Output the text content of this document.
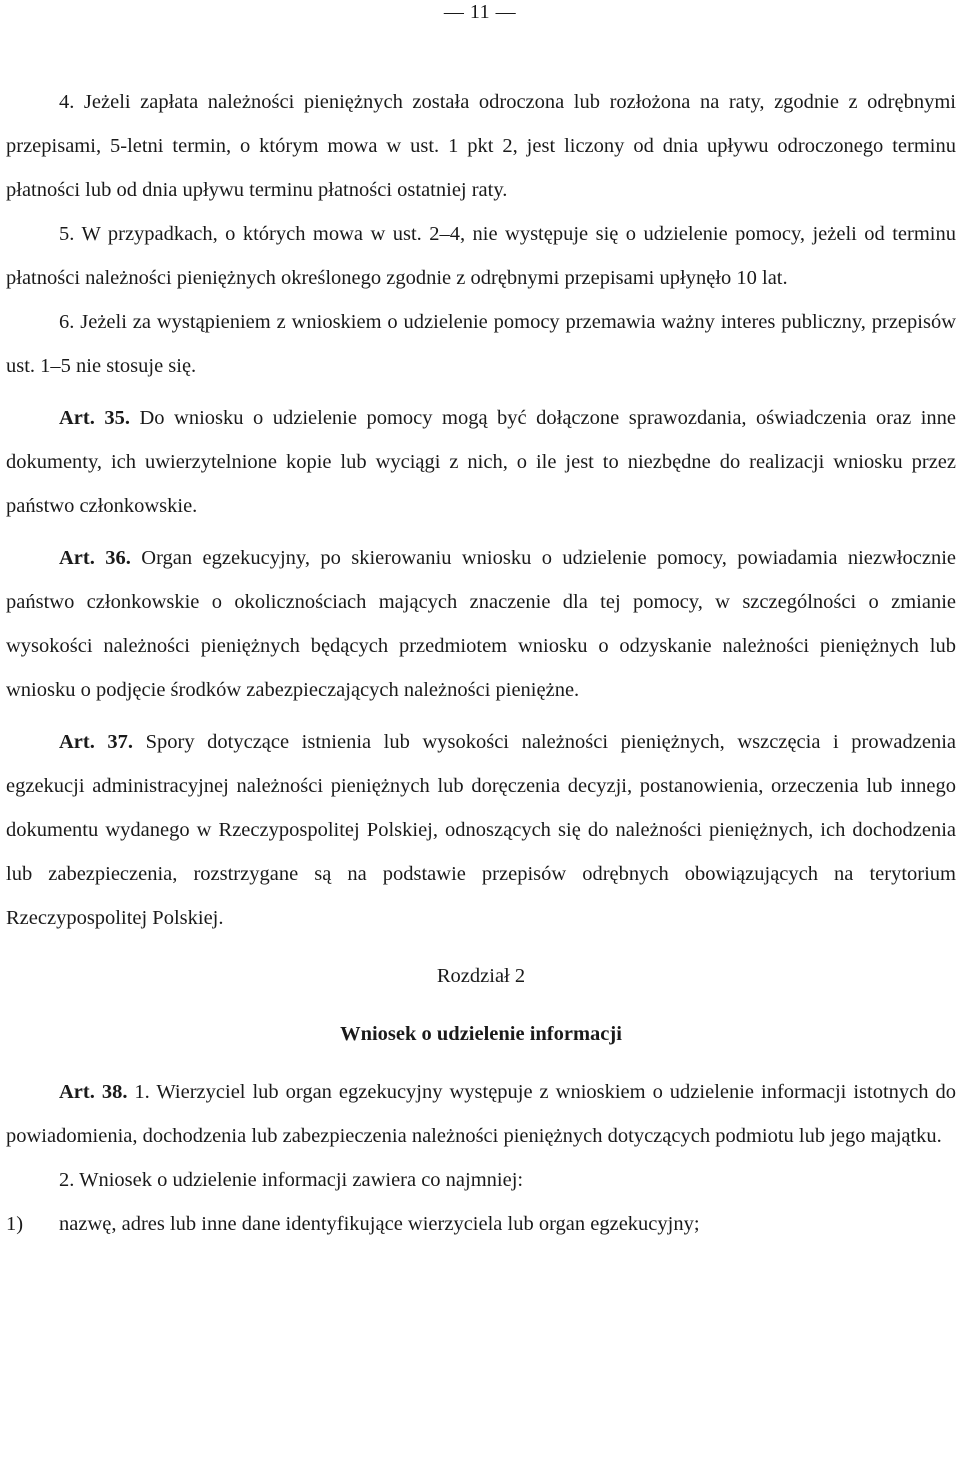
— 11 —

4. Jeżeli zapłata należności pieniężnych została odroczona lub rozłożona na raty, zgodnie z odrębnymi przepisami, 5-letni termin, o którym mowa w ust. 1 pkt 2, jest liczony od dnia upływu odroczonego terminu płatności lub od dnia upływu terminu płatności ostatniej raty.

5. W przypadkach, o których mowa w ust. 2–4, nie występuje się o udzielenie pomocy, jeżeli od terminu płatności należności pieniężnych określonego zgodnie z odrębnymi przepisami upłynęło 10 lat.

6. Jeżeli za wystąpieniem z wnioskiem o udzielenie pomocy przemawia ważny interes publiczny, przepisów ust. 1–5 nie stosuje się.

Art. 35. Do wniosku o udzielenie pomocy mogą być dołączone sprawozdania, oświadczenia oraz inne dokumenty, ich uwierzytelnione kopie lub wyciągi z nich, o ile jest to niezbędne do realizacji wniosku przez państwo członkowskie.

Art. 36. Organ egzekucyjny, po skierowaniu wniosku o udzielenie pomocy, powiadamia niezwłocznie państwo członkowskie o okolicznościach mających znaczenie dla tej pomocy, w szczególności o zmianie wysokości należności pieniężnych będących przedmiotem wniosku o odzyskanie należności pieniężnych lub wniosku o podjęcie środków zabezpieczających należności pieniężne.

Art. 37. Spory dotyczące istnienia lub wysokości należności pieniężnych, wszczęcia i prowadzenia egzekucji administracyjnej należności pieniężnych lub doręczenia decyzji, postanowienia, orzeczenia lub innego dokumentu wydanego w Rzeczypospolitej Polskiej, odnoszących się do należności pieniężnych, ich dochodzenia lub zabezpieczenia, rozstrzygane są na podstawie przepisów odrębnych obowiązujących na terytorium Rzeczypospolitej Polskiej.

Rozdział 2
Wniosek o udzielenie informacji

Art. 38. 1. Wierzyciel lub organ egzekucyjny występuje z wnioskiem o udzielenie informacji istotnych do powiadomienia, dochodzenia lub zabezpieczenia należności pieniężnych dotyczących podmiotu lub jego majątku.

2. Wniosek o udzielenie informacji zawiera co najmniej:

1)	nazwę, adres lub inne dane identyfikujące wierzyciela lub organ egzekucyjny;
